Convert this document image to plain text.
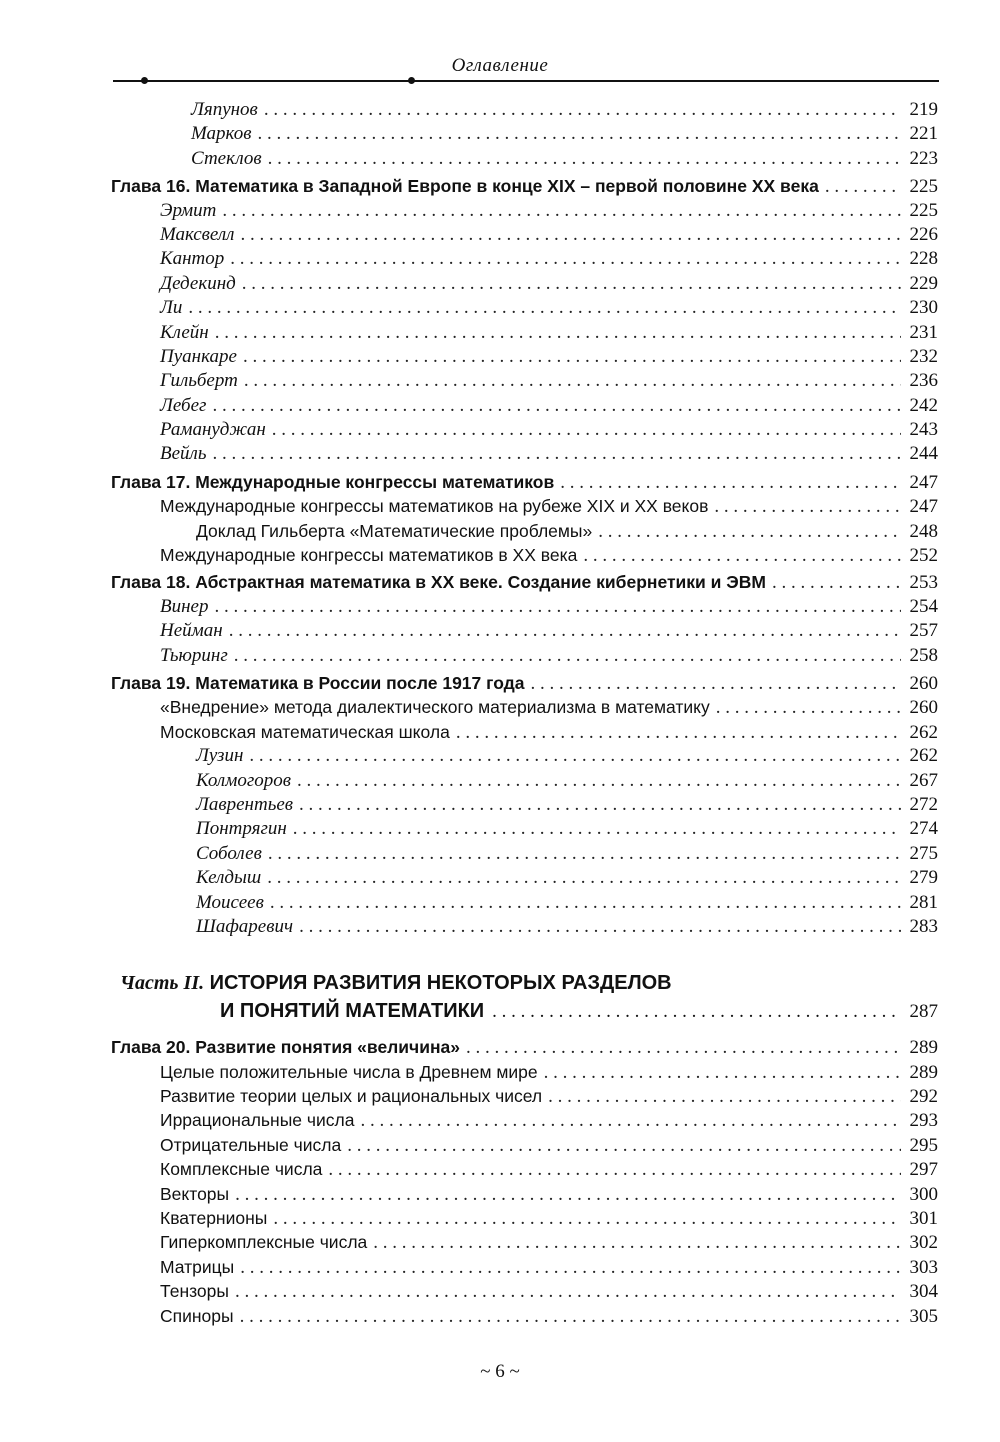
Оглавление
Ляпунов . . .	219
Марков . . .	221
Стеклов . . .	223
Глава 16. Математика в Западной Европе в конце XIX – первой половине XX века . . .	225
Эрмит . . .	225
Максвелл . . .	226
Кантор . . .	228
Дедекинд . . .	229
Ли . . .	230
Клейн . . .	231
Пуанкаре . . .	232
Гильберт . . .	236
Лебег . . .	242
Рамануджан . . .	243
Вейль . . .	244
Глава 17. Международные конгрессы математиков . . .	247
Международные конгрессы математиков на рубеже XIX и XX веков . . .	247
Доклад Гильберта «Математические проблемы» . . .	248
Международные конгрессы математиков в XX века . . .	252
Глава 18. Абстрактная математика в XX веке. Создание кибернетики и ЭВМ . . .	253
Винер . . .	254
Нейман . . .	257
Тьюринг . . .	258
Глава 19. Математика в России после 1917 года . . .	260
«Внедрение» метода диалектического материализма в математику . . .	260
Московская математическая школа . . .	262
Лузин . . .	262
Колмогоров . . .	267
Лаврентьев . . .	272
Понтрягин . . .	274
Соболев . . .	275
Келдыш . . .	279
Моисеев . . .	281
Шафаревич . . .	283
Часть II. ИСТОРИЯ РАЗВИТИЯ НЕКОТОРЫХ РАЗДЕЛОВ
И ПОНЯТИЙ МАТЕМАТИКИ . . .	287
Глава 20. Развитие понятия «величина» . . .	289
Целые положительные числа в Древнем мире . . .	289
Развитие теории целых и рациональных чисел . . .	292
Иррациональные числа . . .	293
Отрицательные числа . . .	295
Комплексные числа . . .	297
Векторы . . .	300
Кватернионы . . .	301
Гиперкомплексные числа . . .	302
Матрицы . . .	303
Тензоры . . .	304
Спиноры . . .	305
~ 6 ~
